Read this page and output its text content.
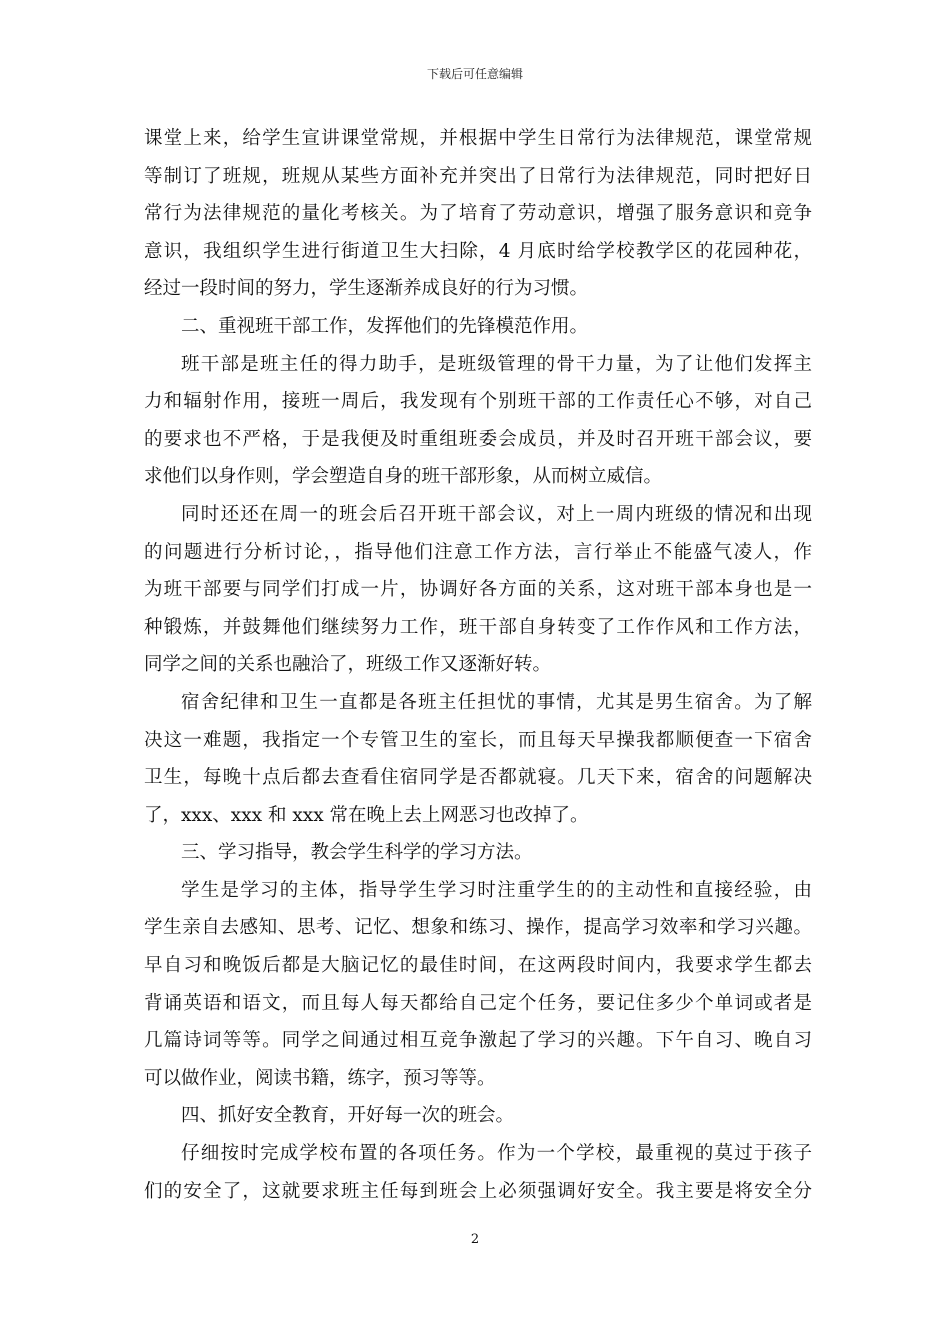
下载后可任意编辑
课堂上来，给学生宣讲课堂常规，并根据中学生日常行为法律规范，课堂常规
等制订了班规，班规从某些方面补充并突出了日常行为法律规范，同时把好日
常行为法律规范的量化考核关。为了培育了劳动意识，增强了服务意识和竞争
意识，我组织学生进行街道卫生大扫除，4 月底时给学校教学区的花园种花，
经过一段时间的努力，学生逐渐养成良好的行为习惯。
二、重视班干部工作，发挥他们的先锋模范作用。
班干部是班主任的得力助手，是班级管理的骨干力量，为了让他们发挥主
力和辐射作用，接班一周后，我发现有个别班干部的工作责任心不够，对自己
的要求也不严格，于是我便及时重组班委会成员，并及时召开班干部会议，要
求他们以身作则，学会塑造自身的班干部形象，从而树立威信。
同时还还在周一的班会后召开班干部会议，对上一周内班级的情况和出现
的问题进行分析讨论，，指导他们注意工作方法，言行举止不能盛气凌人，作
为班干部要与同学们打成一片，协调好各方面的关系，这对班干部本身也是一
种锻炼，并鼓舞他们继续努力工作，班干部自身转变了工作作风和工作方法，
同学之间的关系也融洽了，班级工作又逐渐好转。
宿舍纪律和卫生一直都是各班主任担忧的事情，尤其是男生宿舍。为了解
决这一难题，我指定一个专管卫生的室长，而且每天早操我都顺便查一下宿舍
卫生，每晚十点后都去查看住宿同学是否都就寝。几天下来，宿舍的问题解决
了，xxx、xxx 和 xxx 常在晚上去上网恶习也改掉了。
三、学习指导，教会学生科学的学习方法。
学生是学习的主体，指导学生学习时注重学生的的主动性和直接经验，由
学生亲自去感知、思考、记忆、想象和练习、操作，提高学习效率和学习兴趣。
早自习和晚饭后都是大脑记忆的最佳时间，在这两段时间内，我要求学生都去
背诵英语和语文，而且每人每天都给自己定个任务，要记住多少个单词或者是
几篇诗词等等。同学之间通过相互竞争激起了学习的兴趣。下午自习、晚自习
可以做作业，阅读书籍，练字，预习等等。
四、抓好安全教育，开好每一次的班会。
仔细按时完成学校布置的各项任务。作为一个学校，最重视的莫过于孩子
们的安全了，这就要求班主任每到班会上必须强调好安全。我主要是将安全分
2
